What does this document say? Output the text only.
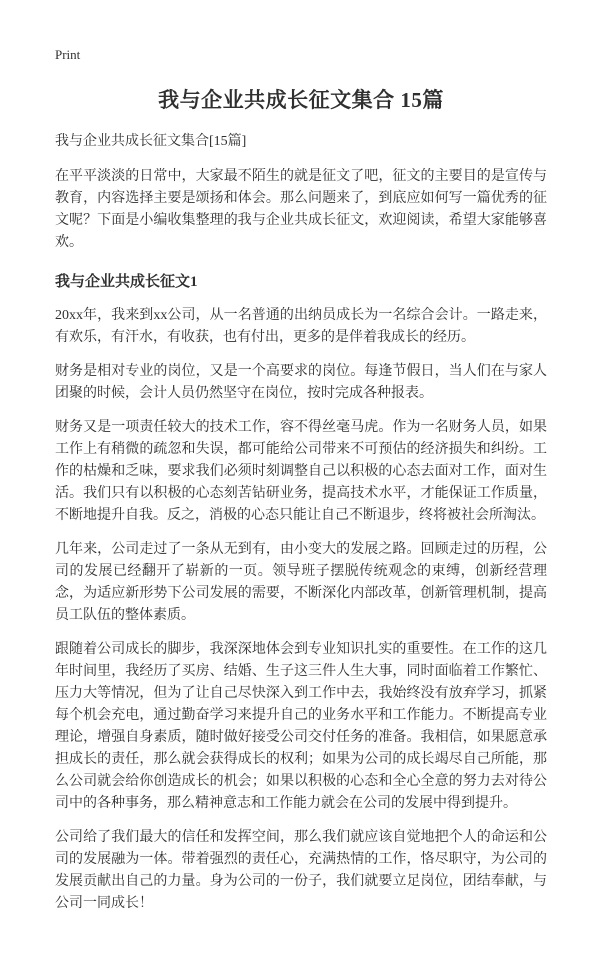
Print
我与企业共成长征文集合 15篇

我与企业共成长征文集合[15篇]

在平平淡淡的日常中，大家最不陌生的就是征文了吧，征文的主要目的是宣传与教育，内容选择主要是颂扬和体会。那么问题来了，到底应如何写一篇优秀的征文呢？下面是小编收集整理的我与企业共成长征文，欢迎阅读，希望大家能够喜欢。

我与企业共成长征文1

20xx年，我来到xx公司，从一名普通的出纳员成长为一名综合会计。一路走来，有欢乐，有汗水，有收获，也有付出，更多的是伴着我成长的经历。

财务是相对专业的岗位，又是一个高要求的岗位。每逢节假日，当人们在与家人团聚的时候，会计人员仍然坚守在岗位，按时完成各种报表。

财务又是一项责任较大的技术工作，容不得丝毫马虎。作为一名财务人员，如果工作上有稍微的疏忽和失误，都可能给公司带来不可预估的经济损失和纠纷。工作的枯燥和乏味，要求我们必须时刻调整自己以积极的心态去面对工作，面对生活。我们只有以积极的心态刻苦钻研业务，提高技术水平，才能保证工作质量，不断地提升自我。反之，消极的心态只能让自己不断退步，终将被社会所淘汰。

几年来，公司走过了一条从无到有，由小变大的发展之路。回顾走过的历程，公司的发展已经翻开了崭新的一页。领导班子摆脱传统观念的束缚，创新经营理念，为适应新形势下公司发展的需要，不断深化内部改革，创新管理机制，提高员工队伍的整体素质。

跟随着公司成长的脚步，我深深地体会到专业知识扎实的重要性。在工作的这几年时间里，我经历了买房、结婚、生子这三件人生大事，同时面临着工作繁忙、压力大等情况，但为了让自己尽快深入到工作中去，我始终没有放弃学习，抓紧每个机会充电，通过勤奋学习来提升自己的业务水平和工作能力。不断提高专业理论，增强自身素质，随时做好接受公司交付任务的准备。我相信，如果愿意承担成长的责任，那么就会获得成长的权利；如果为公司的成长竭尽自己所能，那么公司就会给你创造成长的机会；如果以积极的心态和全心全意的努力去对待公司中的各种事务，那么精神意志和工作能力就会在公司的发展中得到提升。

公司给了我们最大的信任和发挥空间，那么我们就应该自觉地把个人的命运和公司的发展融为一体。带着强烈的责任心，充满热情的工作，恪尽职守，为公司的发展贡献出自己的力量。身为公司的一份子，我们就要立足岗位，团结奉献，与公司一同成长！
